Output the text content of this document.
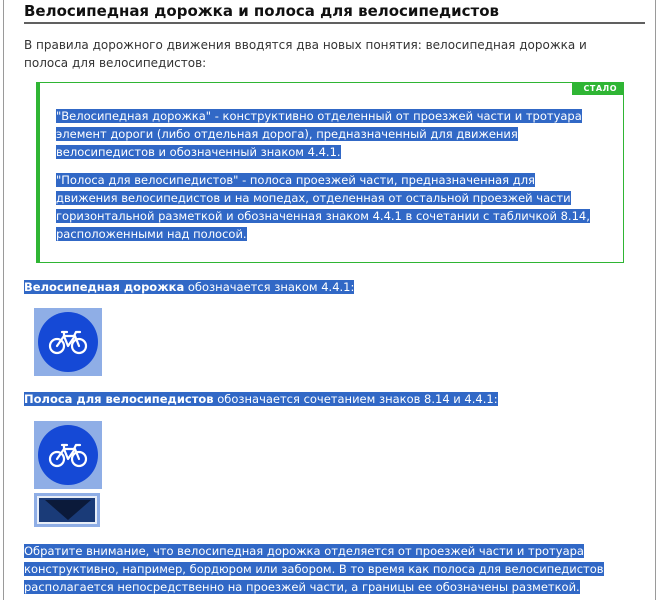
Велосипедная дорожка и полоса для велосипедистов

В правила дорожного движения вводятся два новых понятия: велосипедная дорожка и полоса для велосипедистов:

СТАЛО

"Велосипедная дорожка" - конструктивно отделенный от проезжей части и тротуара элемент дороги (либо отдельная дорога), предназначенный для движения велосипедистов и обозначенный знаком 4.4.1.

"Полоса для велосипедистов" - полоса проезжей части, предназначенная для движения велосипедистов и на мопедах, отделенная от остальной проезжей части горизонтальной разметкой и обозначенная знаком 4.4.1 в сочетании с табличкой 8.14, расположенными над полосой.

Велосипедная дорожка обозначается знаком 4.4.1:

Полоса для велосипедистов обозначается сочетанием знаков 8.14 и 4.4.1:

Обратите внимание, что велосипедная дорожка отделяется от проезжей части и тротуара конструктивно, например, бордюром или забором. В то время как полоса для велосипедистов располагается непосредственно на проезжей части, а границы ее обозначены разметкой.
